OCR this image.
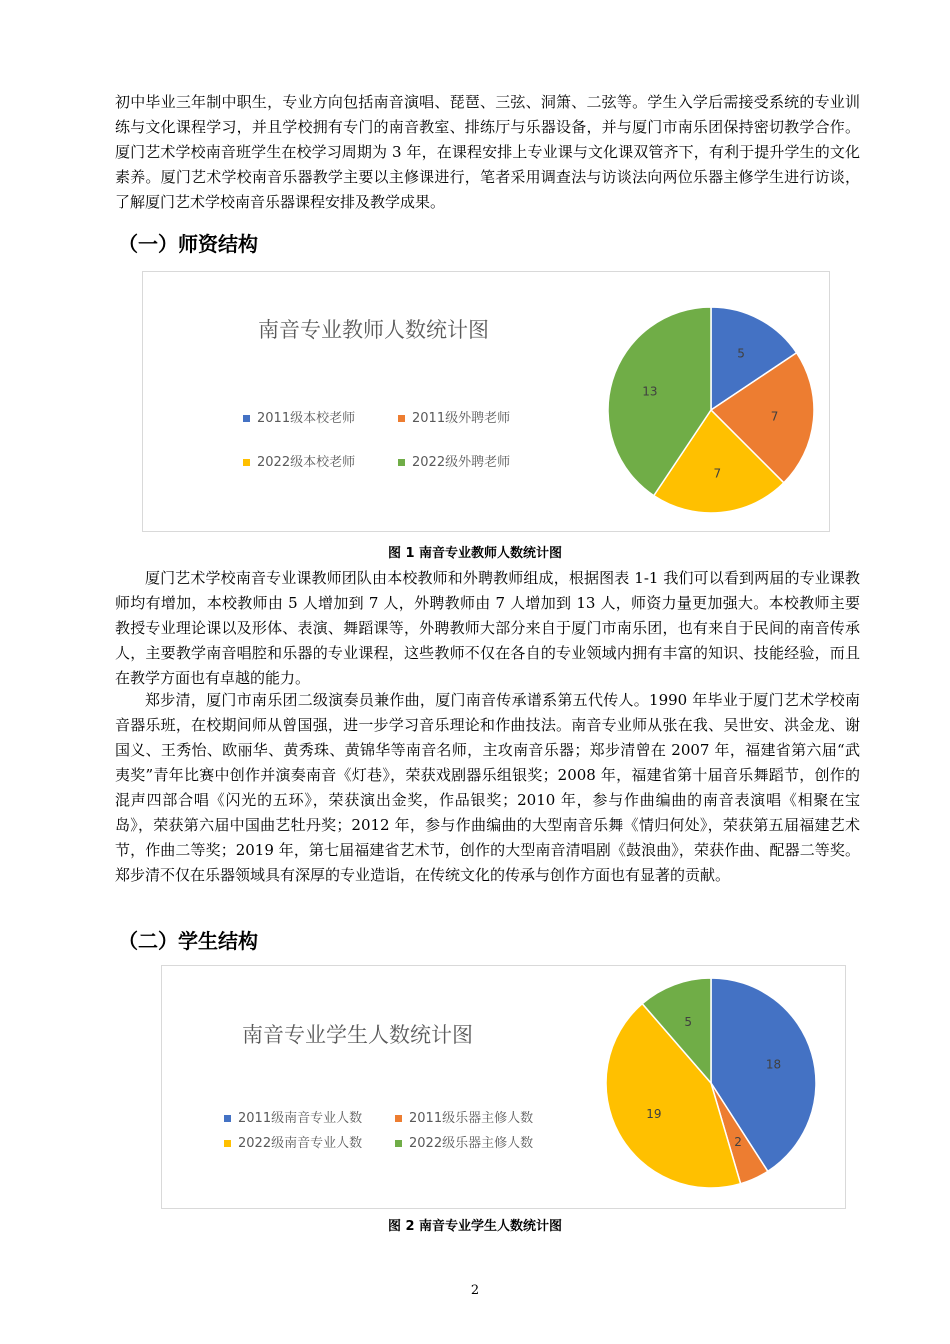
初中毕业三年制中职生，专业方向包括南音演唱、琵琶、三弦、洞箫、二弦等。学生入学后需接受系统的专业训练与文化课程学习，并且学校拥有专门的南音教室、排练厅与乐器设备，并与厦门市南乐团保持密切教学合作。厦门艺术学校南音班学生在校学习周期为 3 年，在课程安排上专业课与文化课双管齐下，有利于提升学生的文化素养。厦门艺术学校南音乐器教学主要以主修课进行，笔者采用调查法与访谈法向两位乐器主修学生进行访谈，了解厦门艺术学校南音乐器课程安排及教学成果。

（一）师资结构
南音专业教师人数统计图
2011级本校老师	2011级外聘老师
2022级本校老师	2022级外聘老师
5
7
7
13

图 1 南音专业教师人数统计图

厦门艺术学校南音专业课教师团队由本校教师和外聘教师组成，根据图表 1-1 我们可以看到两届的专业课教师均有增加，本校教师由 5 人增加到 7 人，外聘教师由 7 人增加到 13 人，师资力量更加强大。本校教师主要教授专业理论课以及形体、表演、舞蹈课等，外聘教师大部分来自于厦门市南乐团，也有来自于民间的南音传承人，主要教学南音唱腔和乐器的专业课程，这些教师不仅在各自的专业领域内拥有丰富的知识、技能经验，而且在教学方面也有卓越的能力。

郑步清，厦门市南乐团二级演奏员兼作曲，厦门南音传承谱系第五代传人。1990 年毕业于厦门艺术学校南音器乐班，在校期间师从曾国强，进一步学习音乐理论和作曲技法。南音专业师从张在我、吴世安、洪金龙、谢国义、王秀怡、欧丽华、黄秀珠、黄锦华等南音名师，主攻南音乐器；郑步清曾在 2007 年，福建省第六届“武夷奖”青年比赛中创作并演奏南音《灯巷》，荣获戏剧器乐组银奖；2008 年，福建省第十届音乐舞蹈节，创作的混声四部合唱《闪光的五环》，荣获演出金奖，作品银奖；2010 年，参与作曲编曲的南音表演唱《相聚在宝岛》，荣获第六届中国曲艺牡丹奖；2012 年，参与作曲编曲的大型南音乐舞《情归何处》，荣获第五届福建艺术节，作曲二等奖；2019 年，第七届福建省艺术节，创作的大型南音清唱剧《鼓浪曲》，荣获作曲、配器二等奖。郑步清不仅在乐器领域具有深厚的专业造诣，在传统文化的传承与创作方面也有显著的贡献。

（二）学生结构
南音专业学生人数统计图
2011级南音专业人数	2011级乐器主修人数
2022级南音专业人数	2022级乐器主修人数
18
2
19
5

图 2 南音专业学生人数统计图

2
